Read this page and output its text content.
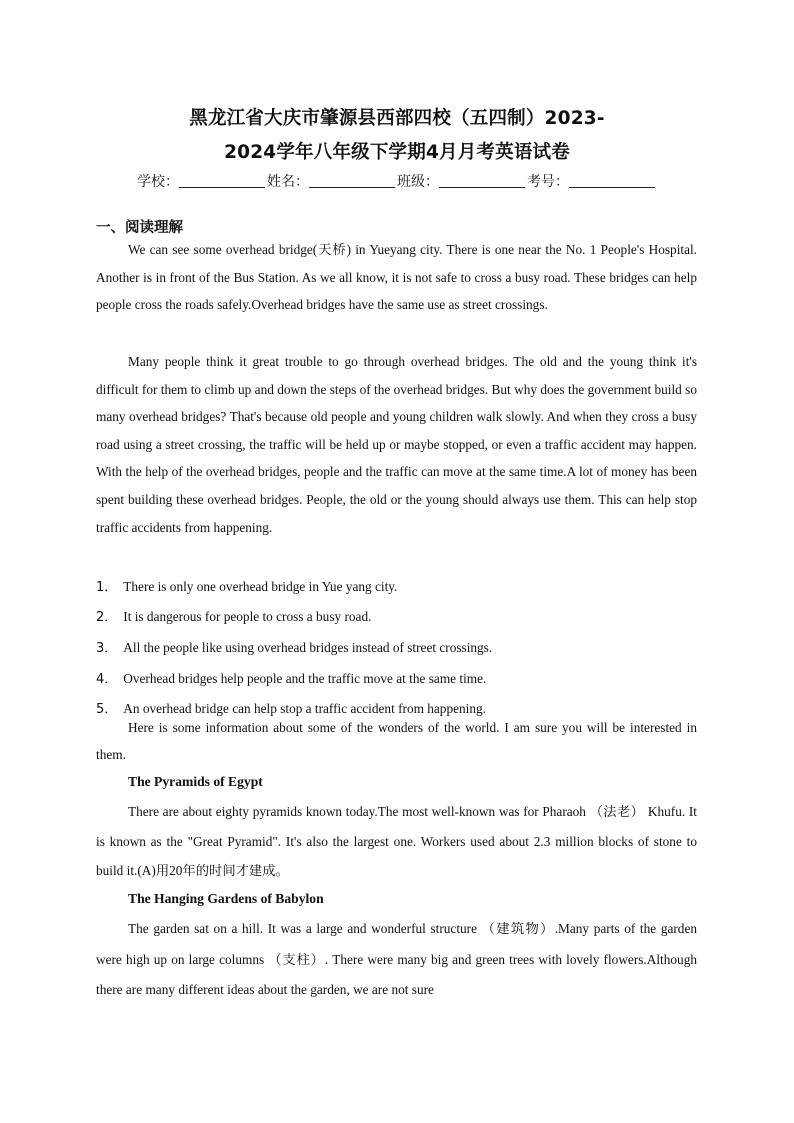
黑龙江省大庆市肇源县西部四校（五四制）2023-
2024学年八年级下学期4月月考英语试卷
学校：	姓名：	班级：	考号：
一、阅读理解

We can see some overhead bridge(天桥) in Yueyang city. There is one near the No. 1 People's Hospital. Another is in front of the Bus Station. As we all know, it is not safe to cross a busy road. These bridges can help people cross the roads safely.Overhead bridges have the same use as street crossings.

Many people think it great trouble to go through overhead bridges. The old and the young think it's difficult for them to climb up and down the steps of the overhead bridges. But why does the government build so many overhead bridges? That's because old people and young children walk slowly. And when they cross a busy road using a street crossing, the traffic will be held up or maybe stopped, or even a traffic accident may happen. With the help of the overhead bridges, people and the traffic can move at the same time.A lot of money has been spent building these overhead bridges. People, the old or the young should always use them. This can help stop traffic accidents from happening.

1． There is only one overhead bridge in Yue yang city.

2． It is dangerous for people to cross a busy road.

3． All the people like using overhead bridges instead of street crossings.

4． Overhead bridges help people and the traffic move at the same time.

5． An overhead bridge can help stop a traffic accident from happening.

Here is some information about some of the wonders of the world. I am sure you will be interested in them.

The Pyramids of Egypt

There are about eighty pyramids known today.The most well-known was for Pharaoh （法老） Khufu. It is known as the "Great Pyramid". It's also the largest one. Workers used about 2.3 million blocks of stone to build it.(A)用20年的时间才建成。

The Hanging Gardens of Babylon

The garden sat on a hill. It was a large and wonderful structure （建筑物）.Many parts of the garden were high up on large columns （支柱）. There were many big and green trees with lovely flowers.Although there are many different ideas about the garden, we are not sure
